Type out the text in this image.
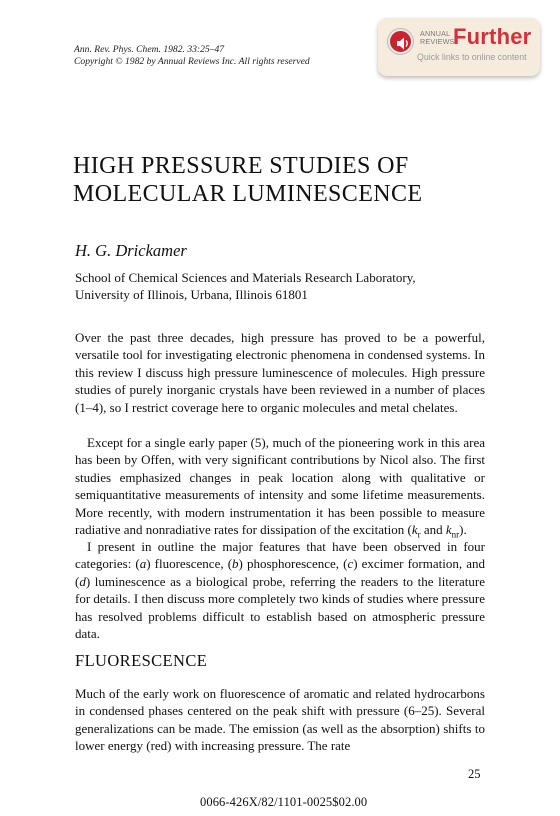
Ann. Rev. Phys. Chem. 1982. 33:25–47
Copyright © 1982 by Annual Reviews Inc. All rights reserved
ANNUAL
REVIEWS
Further
Quick links to online content
HIGH PRESSURE STUDIES OF
MOLECULAR LUMINESCENCE
H. G. Drickamer
School of Chemical Sciences and Materials Research Laboratory,
University of Illinois, Urbana, Illinois 61801

Over the past three decades, high pressure has proved to be a powerful, versatile tool for investigating electronic phenomena in condensed systems. In this review I discuss high pressure luminescence of molecules. High pressure studies of purely inorganic crystals have been reviewed in a number of places (1–4), so I restrict coverage here to organic molecules and metal chelates.

Except for a single early paper (5), much of the pioneering work in this area has been by Offen, with very significant contributions by Nicol also. The first studies emphasized changes in peak location along with qualitative or semiquantitative measurements of intensity and some lifetime measurements. More recently, with modern instrumentation it has been possible to measure radiative and nonradiative rates for dissipation of the excitation ($k_r$ and $k_{nr}$).

I present in outline the major features that have been observed in four categories: (a) fluorescence, (b) phosphorescence, (c) excimer formation, and (d) luminescence as a biological probe, referring the readers to the literature for details. I then discuss more completely two kinds of studies where pressure has resolved problems difficult to establish based on atmospheric pressure data.

FLUORESCENCE

Much of the early work on fluorescence of aromatic and related hydrocarbons in condensed phases centered on the peak shift with pressure (6–25). Several generalizations can be made. The emission (as well as the absorption) shifts to lower energy (red) with increasing pressure. The rate

25
0066-426X/82/1101-0025$02.00
